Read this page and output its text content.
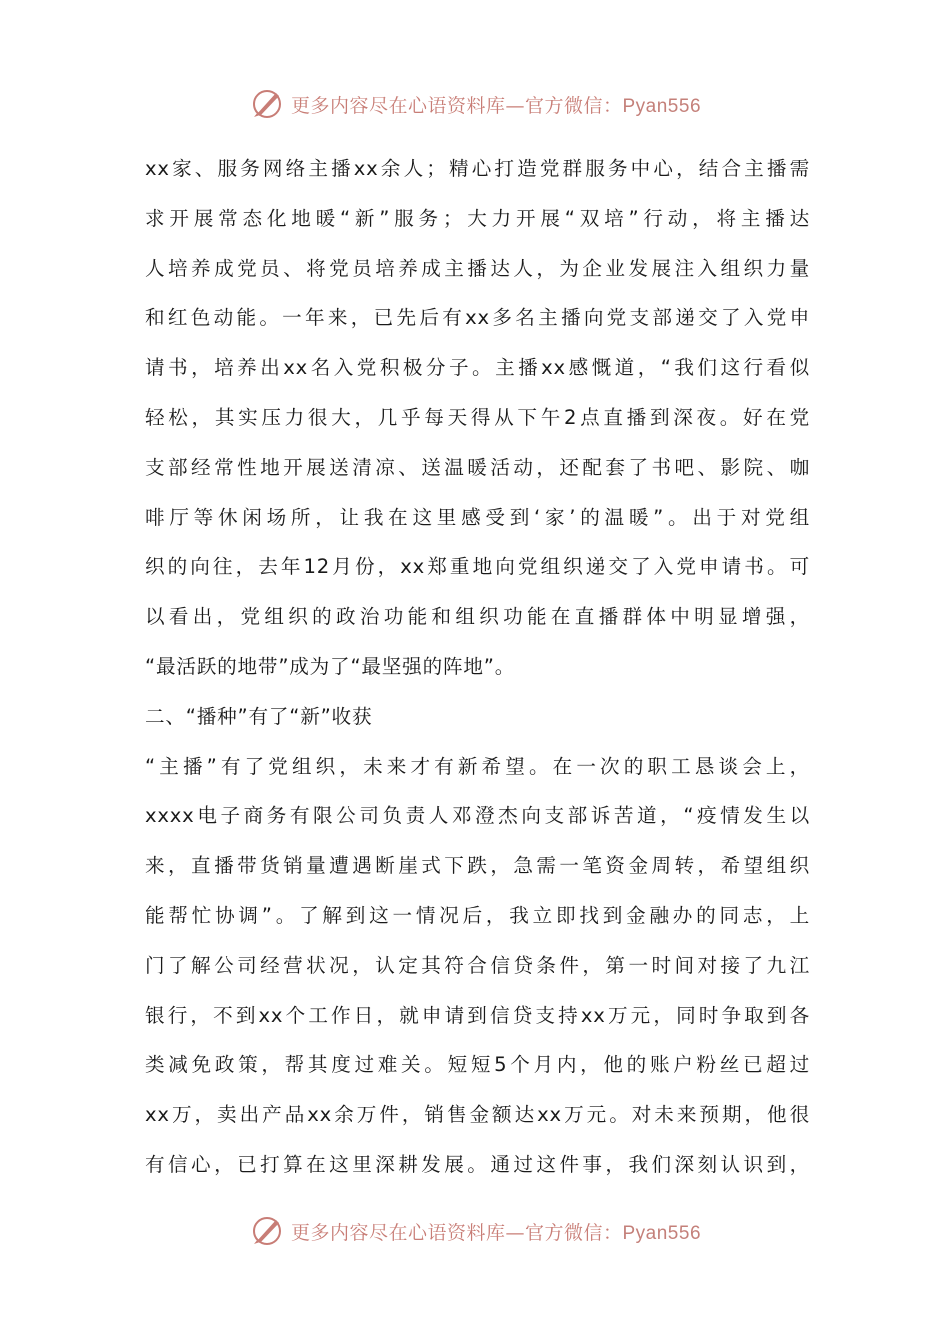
更多内容尽在心语资料库—官方微信：Pyan556
xx家、服务网络主播xx余人；精心打造党群服务中心，结合主播需
求开展常态化地暖“新”服务；大力开展“双培”行动，将主播达
人培养成党员、将党员培养成主播达人，为企业发展注入组织力量
和红色动能。一年来，已先后有xx多名主播向党支部递交了入党申
请书，培养出xx名入党积极分子。主播xx感慨道，“我们这行看似
轻松，其实压力很大，几乎每天得从下午2点直播到深夜。好在党
支部经常性地开展送清凉、送温暖活动，还配套了书吧、影院、咖
啡厅等休闲场所，让我在这里感受到‘家’的温暖”。出于对党组
织的向往，去年12月份，xx郑重地向党组织递交了入党申请书。可
以看出，党组织的政治功能和组织功能在直播群体中明显增强，
“最活跃的地带”成为了“最坚强的阵地”。
二、“播种”有了“新”收获
“主播”有了党组织，未来才有新希望。在一次的职工恳谈会上，
xxxx电子商务有限公司负责人邓澄杰向支部诉苦道，“疫情发生以
来，直播带货销量遭遇断崖式下跌，急需一笔资金周转，希望组织
能帮忙协调”。了解到这一情况后，我立即找到金融办的同志，上
门了解公司经营状况，认定其符合信贷条件，第一时间对接了九江
银行，不到xx个工作日，就申请到信贷支持xx万元，同时争取到各
类减免政策，帮其度过难关。短短5个月内，他的账户粉丝已超过
xx万，卖出产品xx余万件，销售金额达xx万元。对未来预期，他很
有信心，已打算在这里深耕发展。通过这件事，我们深刻认识到，
更多内容尽在心语资料库—官方微信：Pyan556
